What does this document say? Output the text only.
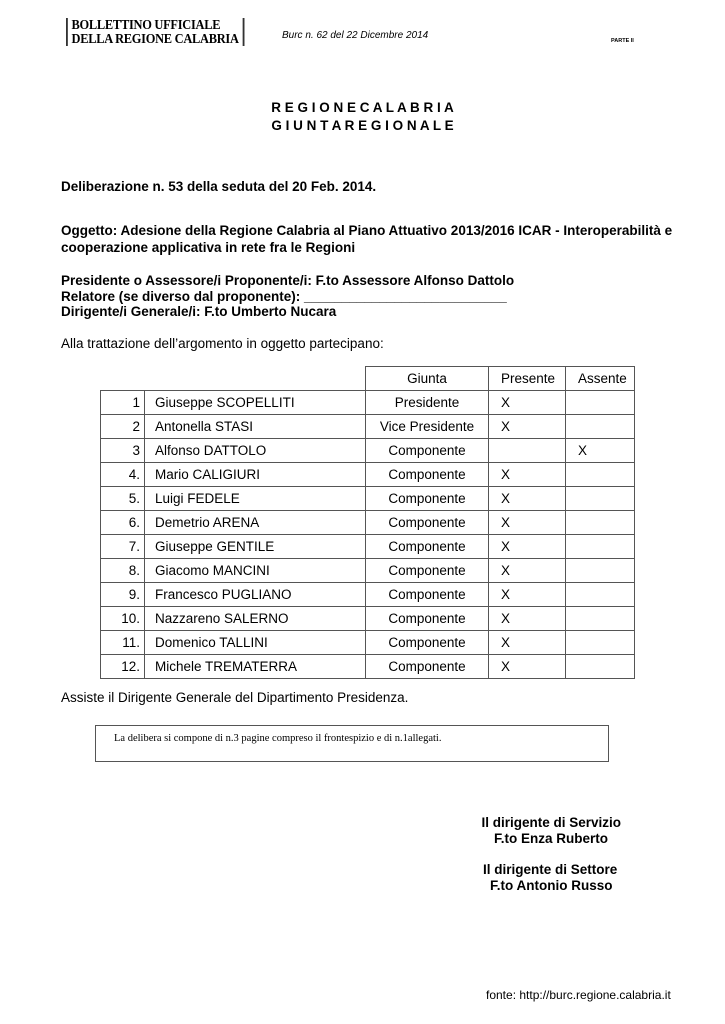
BOLLETTINO UFFICIALE
DELLA REGIONE CALABRIA	Burc n. 62 del 22 Dicembre 2014	PARTE II
R E G I O N E C A L A B R I A
G I U N T A R E G I O N A L E
Deliberazione n. 53 della seduta del 20 Feb. 2014.
Oggetto: Adesione della Regione Calabria al Piano Attuativo 2013/2016 ICAR - Interoperabilità e
cooperazione applicativa in rete fra le Regioni
Presidente o Assessore/i Proponente/i: F.to Assessore Alfonso Dattolo
Relatore (se diverso dal proponente): ___________________________
Dirigente/i Generale/i: F.to Umberto Nucara
Alla trattazione dell’argomento in oggetto partecipano:
		Giunta	Presente	Assente
1	Giuseppe SCOPELLITI	Presidente	X	
2	Antonella STASI	Vice Presidente	X	
3	Alfonso DATTOLO	Componente		X
4.	Mario CALIGIURI	Componente	X	
5.	Luigi FEDELE	Componente	X	
6.	Demetrio ARENA	Componente	X	
7.	Giuseppe GENTILE	Componente	X	
8.	Giacomo MANCINI	Componente	X	
9.	Francesco PUGLIANO	Componente	X	
10.	Nazzareno SALERNO	Componente	X	
11.	Domenico TALLINI	Componente	X	
12.	Michele TREMATERRA	Componente	X	
Assiste il Dirigente Generale del Dipartimento Presidenza.
La delibera si compone di n.3 pagine compreso il frontespizio e di n.1allegati.
Il dirigente di Servizio
F.to Enza Ruberto
Il dirigente di Settore
F.to Antonio Russo
fonte: http://burc.regione.calabria.it
